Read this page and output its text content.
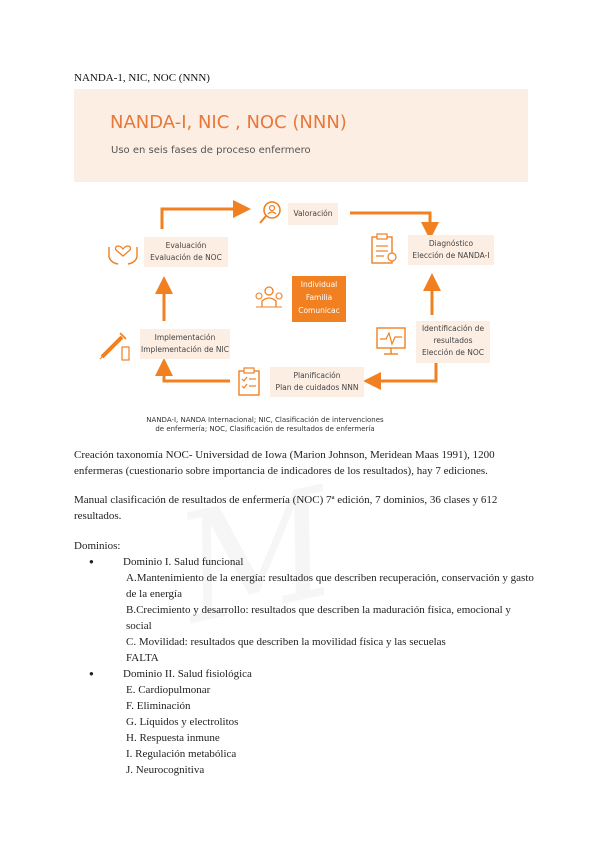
NANDA-1, NIC, NOC (NNN)
NANDA-I, NIC , NOC (NNN)
Uso en seis fases de proceso enfermero
Valoración
Diagnóstico
Elección de NANDA-I
Identificación de
resultados
Elección de NOC
Planificación
Plan de cuidados NNN
Implementación
Implementación de NIC
Evaluación
Evaluación de NOC
Individual
Familia
Comunicac
NANDA-I, NANDA Internacional; NIC, Clasificación de intervenciones
de enfermería; NOC, Clasificación de resultados de enfermería
Creación taxonomía NOC- Universidad de Iowa (Marion Johnson, Meridean Maas 1991), 1200 enfermeras (cuestionario sobre importancia de indicadores de los resultados), hay 7 ediciones.
Manual clasificación de resultados de enfermería (NOC) 7ª edición, 7 dominios, 36 clases y 612 resultados.
Dominios:
● Dominio I. Salud funcional
A.Mantenimiento de la energía: resultados que describen recuperación, conservación y gasto de la energía
B.Crecimiento y desarrollo: resultados que describen la maduración física, emocional y social
C. Movilidad: resultados que describen la movilidad física y las secuelas
FALTA
● Dominio II. Salud fisiológica
E. Cardiopulmonar
F. Eliminación
G. Líquidos y electrolitos
H. Respuesta inmune
I. Regulación metabólica
J. Neurocognitiva
